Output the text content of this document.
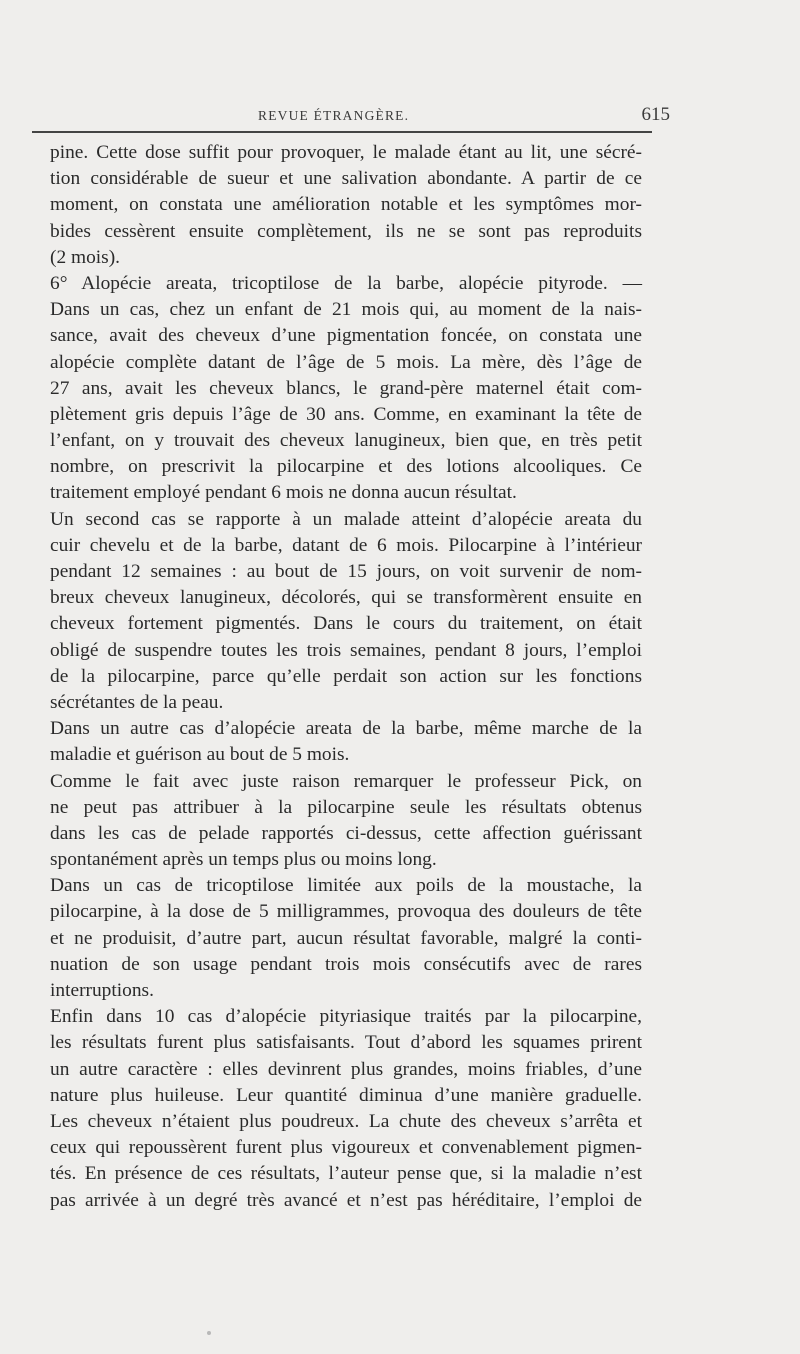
REVUE ÉTRANGÈRE.	615
pine. Cette dose suffit pour provoquer, le malade étant au lit, une sécré-
tion considérable de sueur et une salivation abondante. A partir de ce
moment, on constata une amélioration notable et les symptômes mor-
bides cessèrent ensuite complètement, ils ne se sont pas reproduits
(2 mois).
6° Alopécie areata, tricoptilose de la barbe, alopécie pityrode. —
Dans un cas, chez un enfant de 21 mois qui, au moment de la nais-
sance, avait des cheveux d’une pigmentation foncée, on constata une
alopécie complète datant de l’âge de 5 mois. La mère, dès l’âge de
27 ans, avait les cheveux blancs, le grand-père maternel était com-
plètement gris depuis l’âge de 30 ans. Comme, en examinant la tête de
l’enfant, on y trouvait des cheveux lanugineux, bien que, en très petit
nombre, on prescrivit la pilocarpine et des lotions alcooliques. Ce
traitement employé pendant 6 mois ne donna aucun résultat.
Un second cas se rapporte à un malade atteint d’alopécie areata du
cuir chevelu et de la barbe, datant de 6 mois. Pilocarpine à l’intérieur
pendant 12 semaines : au bout de 15 jours, on voit survenir de nom-
breux cheveux lanugineux, décolorés, qui se transformèrent ensuite en
cheveux fortement pigmentés. Dans le cours du traitement, on était
obligé de suspendre toutes les trois semaines, pendant 8 jours, l’emploi
de la pilocarpine, parce qu’elle perdait son action sur les fonctions
sécrétantes de la peau.
Dans un autre cas d’alopécie areata de la barbe, même marche de la
maladie et guérison au bout de 5 mois.
Comme le fait avec juste raison remarquer le professeur Pick, on
ne peut pas attribuer à la pilocarpine seule les résultats obtenus
dans les cas de pelade rapportés ci-dessus, cette affection guérissant
spontanément après un temps plus ou moins long.
Dans un cas de tricoptilose limitée aux poils de la moustache, la
pilocarpine, à la dose de 5 milligrammes, provoqua des douleurs de tête
et ne produisit, d’autre part, aucun résultat favorable, malgré la conti-
nuation de son usage pendant trois mois consécutifs avec de rares
interruptions.
Enfin dans 10 cas d’alopécie pityriasique traités par la pilocarpine,
les résultats furent plus satisfaisants. Tout d’abord les squames prirent
un autre caractère : elles devinrent plus grandes, moins friables, d’une
nature plus huileuse. Leur quantité diminua d’une manière graduelle.
Les cheveux n’étaient plus poudreux. La chute des cheveux s’arrêta et
ceux qui repoussèrent furent plus vigoureux et convenablement pigmen-
tés. En présence de ces résultats, l’auteur pense que, si la maladie n’est
pas arrivée à un degré très avancé et n’est pas héréditaire, l’emploi de
